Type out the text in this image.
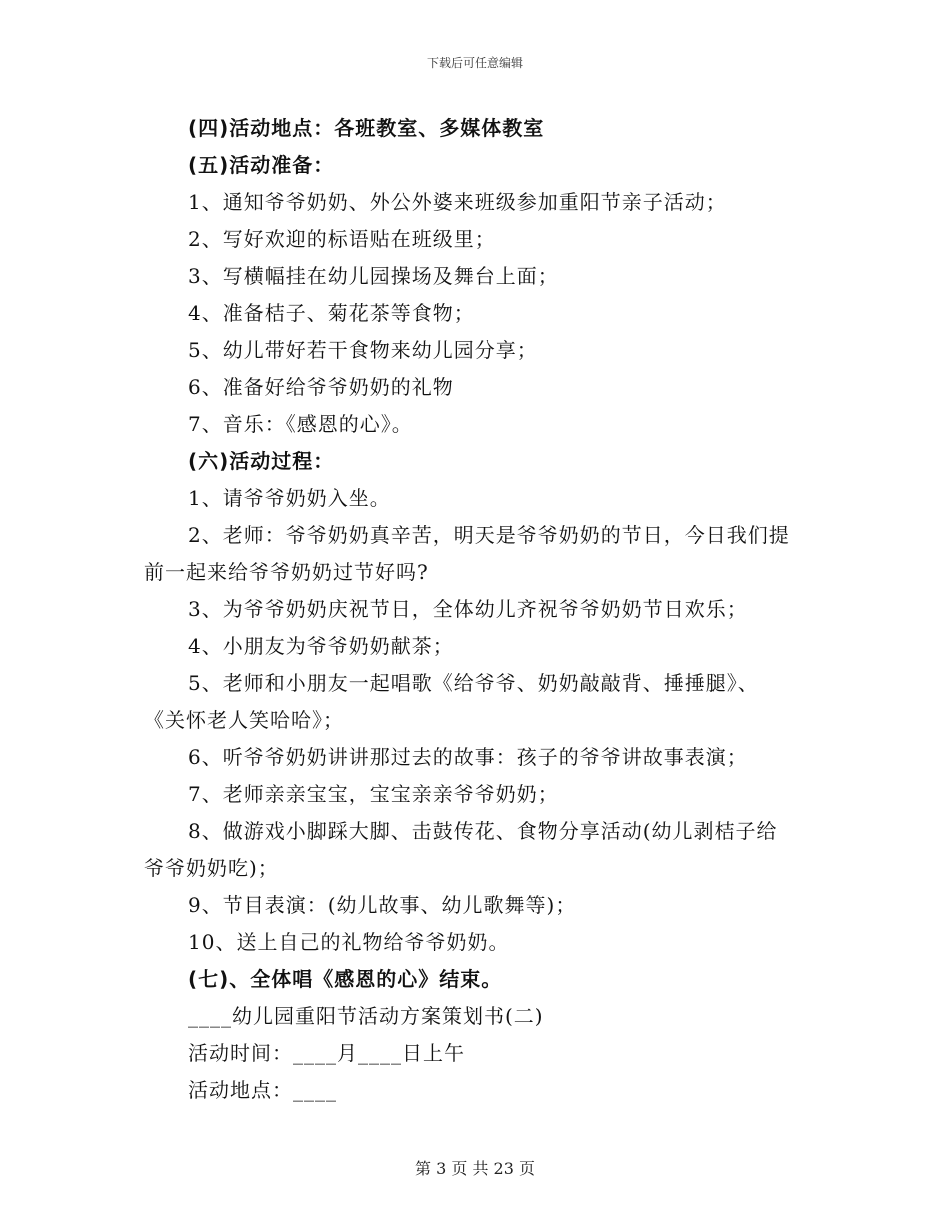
下载后可任意编辑
(四)活动地点：各班教室、多媒体教室
(五)活动准备：
1、通知爷爷奶奶、外公外婆来班级参加重阳节亲子活动；
2、写好欢迎的标语贴在班级里；
3、写横幅挂在幼儿园操场及舞台上面；
4、准备桔子、菊花茶等食物；
5、幼儿带好若干食物来幼儿园分享；
6、准备好给爷爷奶奶的礼物
7、音乐：《感恩的心》。
(六)活动过程：
1、请爷爷奶奶入坐。
2、老师：爷爷奶奶真辛苦，明天是爷爷奶奶的节日，今日我们提
前一起来给爷爷奶奶过节好吗?
3、为爷爷奶奶庆祝节日，全体幼儿齐祝爷爷奶奶节日欢乐；
4、小朋友为爷爷奶奶献茶；
5、老师和小朋友一起唱歌《给爷爷、奶奶敲敲背、捶捶腿》、
《关怀老人笑哈哈》；
6、听爷爷奶奶讲讲那过去的故事：孩子的爷爷讲故事表演；
7、老师亲亲宝宝，宝宝亲亲爷爷奶奶；
8、做游戏小脚踩大脚、击鼓传花、食物分享活动(幼儿剥桔子给
爷爷奶奶吃)；
9、节目表演：(幼儿故事、幼儿歌舞等)；
10、送上自己的礼物给爷爷奶奶。
(七)、全体唱《感恩的心》结束。
____幼儿园重阳节活动方案策划书(二)
活动时间：____月____日上午
活动地点：____
第 3 页 共 23 页
